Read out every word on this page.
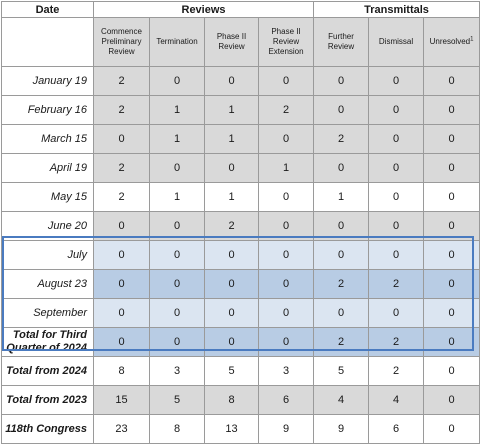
Date	Reviews				Transmittals		
	Commence Preliminary Review	Termination	Phase II Review	Phase II Review Extension	Further Review	Dismissal	Unresolved$^1$
January 19	2	0	0	0	0	0	0
February 16	2	1	1	2	0	0	0
March 15	0	1	1	0	2	0	0
April 19	2	0	0	1	0	0	0
May 15	2	1	1	0	1	0	0
June 20	0	0	2	0	0	0	0
July	0	0	0	0	0	0	0
August 23	0	0	0	0	2	2	0
September	0	0	0	0	0	0	0
Total for Third Quarter of 2024	0	0	0	0	2	2	0
Total from 2024	8	3	5	3	5	2	0
Total from 2023	15	5	8	6	4	4	0
118th Congress	23	8	13	9	9	6	0
